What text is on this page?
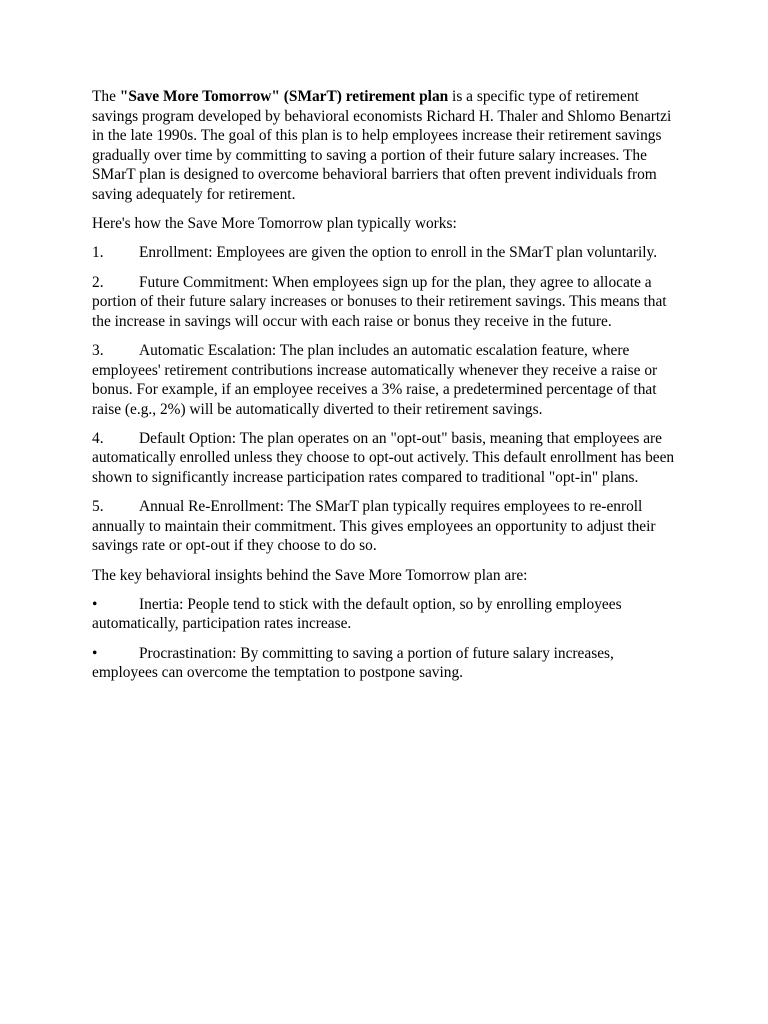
The "Save More Tomorrow" (SMarT) retirement plan is a specific type of retirement savings program developed by behavioral economists Richard H. Thaler and Shlomo Benartzi in the late 1990s. The goal of this plan is to help employees increase their retirement savings gradually over time by committing to saving a portion of their future salary increases. The SMarT plan is designed to overcome behavioral barriers that often prevent individuals from saving adequately for retirement.

Here's how the Save More Tomorrow plan typically works:

1. Enrollment: Employees are given the option to enroll in the SMarT plan voluntarily.

2. Future Commitment: When employees sign up for the plan, they agree to allocate a portion of their future salary increases or bonuses to their retirement savings. This means that the increase in savings will occur with each raise or bonus they receive in the future.

3. Automatic Escalation: The plan includes an automatic escalation feature, where employees' retirement contributions increase automatically whenever they receive a raise or bonus. For example, if an employee receives a 3% raise, a predetermined percentage of that raise (e.g., 2%) will be automatically diverted to their retirement savings.

4. Default Option: The plan operates on an "opt-out" basis, meaning that employees are automatically enrolled unless they choose to opt-out actively. This default enrollment has been shown to significantly increase participation rates compared to traditional "opt-in" plans.

5. Annual Re-Enrollment: The SMarT plan typically requires employees to re-enroll annually to maintain their commitment. This gives employees an opportunity to adjust their savings rate or opt-out if they choose to do so.

The key behavioral insights behind the Save More Tomorrow plan are:

•	Inertia: People tend to stick with the default option, so by enrolling employees automatically, participation rates increase.

•	Procrastination: By committing to saving a portion of future salary increases, employees can overcome the temptation to postpone saving.
